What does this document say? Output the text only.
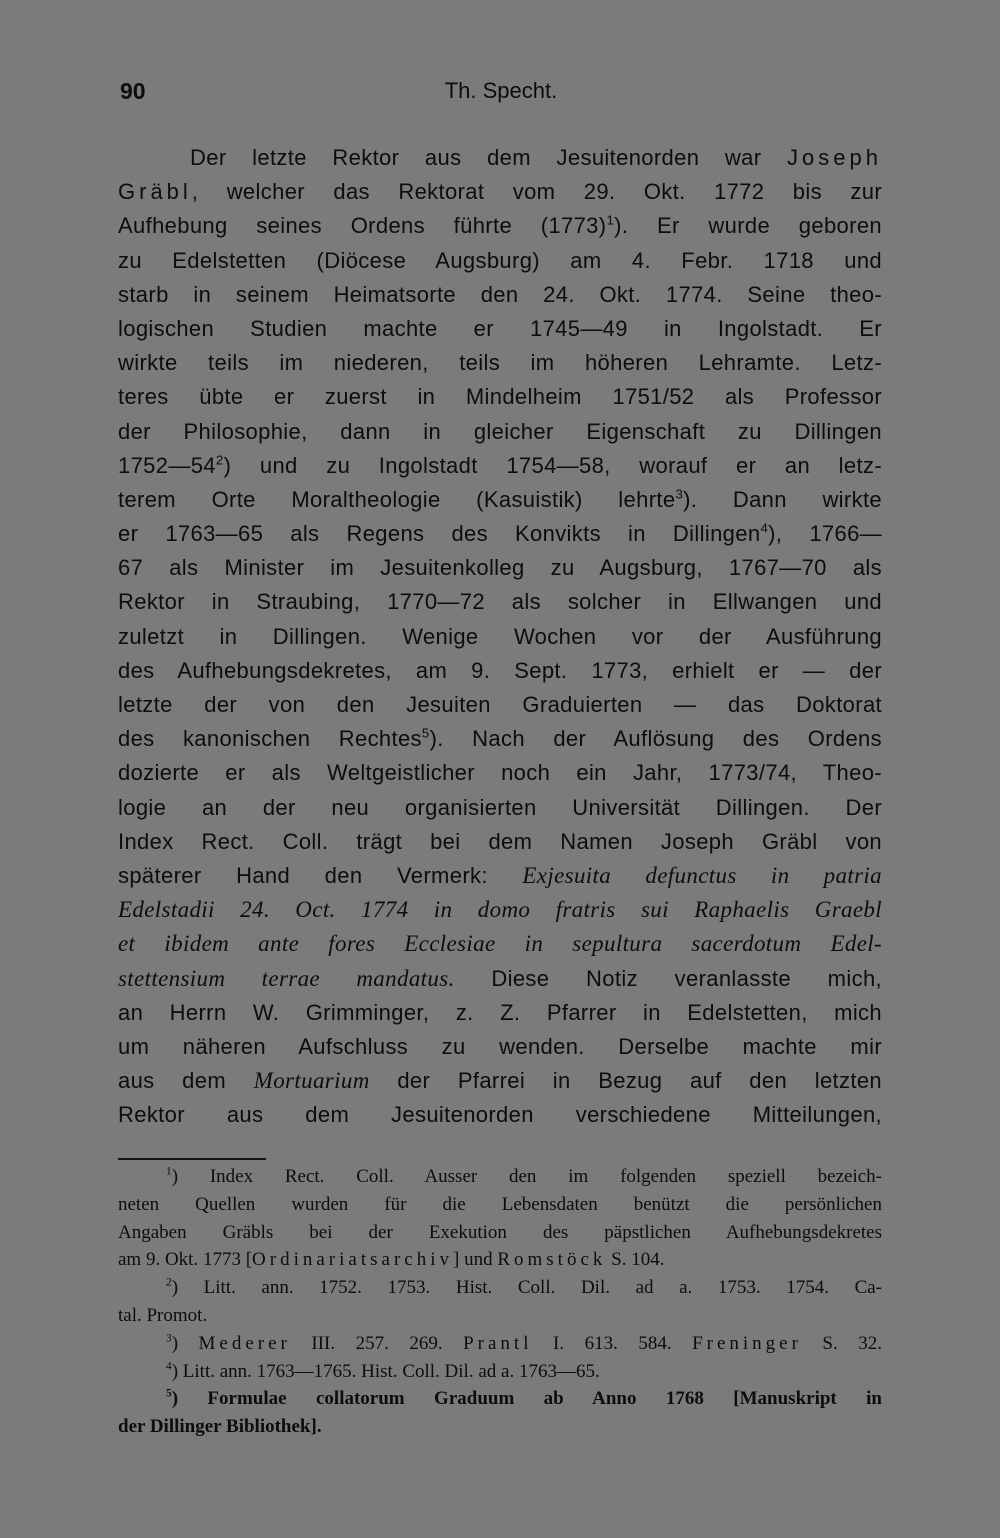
90	Th. Specht.
Der letzte Rektor aus dem Jesuitenorden war Joseph
Gräbl, welcher das Rektorat vom 29. Okt. 1772 bis zur
Aufhebung seines Ordens führte $(1773)^1$). Er wurde geboren
zu Edelstetten (Diöcese Augsburg) am 4. Febr. 1718 und
starb in seinem Heimatsorte den 24. Okt. 1774. Seine theo-
logischen Studien machte er 1745—49 in Ingolstadt. Er
wirkte teils im niederen, teils im höheren Lehramte. Letz-
teres übte er zuerst in Mindelheim 1751/52 als Professor
der Philosophie, dann in gleicher Eigenschaft zu Dillingen
$1752—54^2$) und zu Ingolstadt 1754—58, worauf er an letz-
terem Orte Moraltheologie (Kasuistik) lehrte$^3$). Dann wirkte
er 1763—65 als Regens des Konvikts in Dillingen$^4$), 1766—
67 als Minister im Jesuitenkolleg zu Augsburg, 1767—70 als
Rektor in Straubing, 1770—72 als solcher in Ellwangen und
zuletzt in Dillingen. Wenige Wochen vor der Ausführung
des Aufhebungsdekretes, am 9. Sept. 1773, erhielt er — der
letzte der von den Jesuiten Graduierten — das Doktorat
des kanonischen Rechtes$^5$). Nach der Auflösung des Ordens
dozierte er als Weltgeistlicher noch ein Jahr, 1773/74, Theo-
logie an der neu organisierten Universität Dillingen. Der
Index Rect. Coll. trägt bei dem Namen Joseph Gräbl von
späterer Hand den Vermerk: Exjesuita defunctus in patria
Edelstadii 24. Oct. 1774 in domo fratris sui Raphaelis Graebl
et ibidem ante fores Ecclesiae in sepultura sacerdotum Edel-
stettensium terrae mandatus. Diese Notiz veranlasste mich,
an Herrn W. Grimminger, z. Z. Pfarrer in Edelstetten, mich
um näheren Aufschluss zu wenden. Derselbe machte mir
aus dem Mortuarium der Pfarrei in Bezug auf den letzten
Rektor aus dem Jesuitenorden verschiedene Mitteilungen,
$^1$) Index Rect. Coll. Ausser den im folgenden speziell bezeich-
neten Quellen wurden für die Lebensdaten benützt die persönlichen
Angaben Gräbls bei der Exekution des päpstlichen Aufhebungsdekretes
am 9. Okt. 1773 [Ordinariatsarchiv] und Romstöck S. 104.
$^2$) Litt. ann. 1752. 1753. Hist. Coll. Dil. ad a. 1753. 1754. Ca-
tal. Promot.
$^3$) Mederer III. 257. 269. Prantl I. 613. 584. Freninger S. 32.
$^4$) Litt. ann. 1763—1765. Hist. Coll. Dil. ad a. 1763—65.
$^5$) Formulae collatorum Graduum ab Anno 1768 [Manuskript in
der Dillinger Bibliothek].
